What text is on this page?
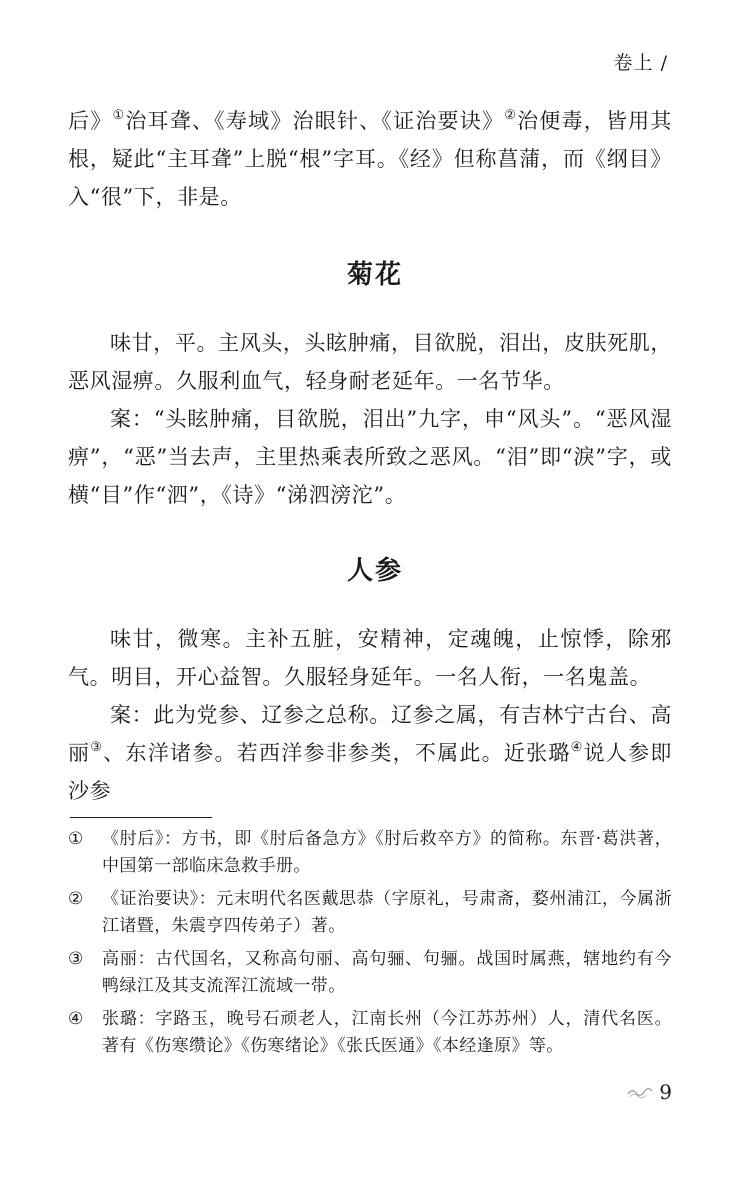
卷上 /

后》①治耳聋、《寿域》治眼针、《证治要诀》②治便毒，皆用其根，疑此“主耳聋”上脱“根”字耳。《经》但称菖蒲，而《纲目》入“很”下，非是。

菊花

味甘，平。主风头，头眩肿痛，目欲脱，泪出，皮肤死肌，恶风湿痹。久服利血气，轻身耐老延年。一名节华。

案：“头眩肿痛，目欲脱，泪出”九字，申“风头”。“恶风湿痹”，“恶”当去声，主里热乘表所致之恶风。“泪”即“淚”字，或横“目”作“泗”，《诗》“涕泗滂沱”。

人参

味甘，微寒。主补五脏，安精神，定魂魄，止惊悸，除邪气。明目，开心益智。久服轻身延年。一名人衔，一名鬼盖。

案：此为党参、辽参之总称。辽参之属，有吉林宁古台、高丽③、东洋诸参。若西洋参非参类，不属此。近张璐④说人参即沙参

①	《肘后》：方书，即《肘后备急方》《肘后救卒方》的简称。东晋·葛洪著，中国第一部临床急救手册。
②	《证治要诀》：元末明代名医戴思恭（字原礼，号肃斋，婺州浦江，今属浙江诸暨，朱震亨四传弟子）著。
③	高丽：古代国名，又称高句丽、高句骊、句骊。战国时属燕，辖地约有今鸭绿江及其支流浑江流域一带。
④	张璐：字路玉，晚号石顽老人，江南长州（今江苏苏州）人，清代名医。著有《伤寒缵论》《伤寒绪论》《张氏医通》《本经逢原》等。
9
